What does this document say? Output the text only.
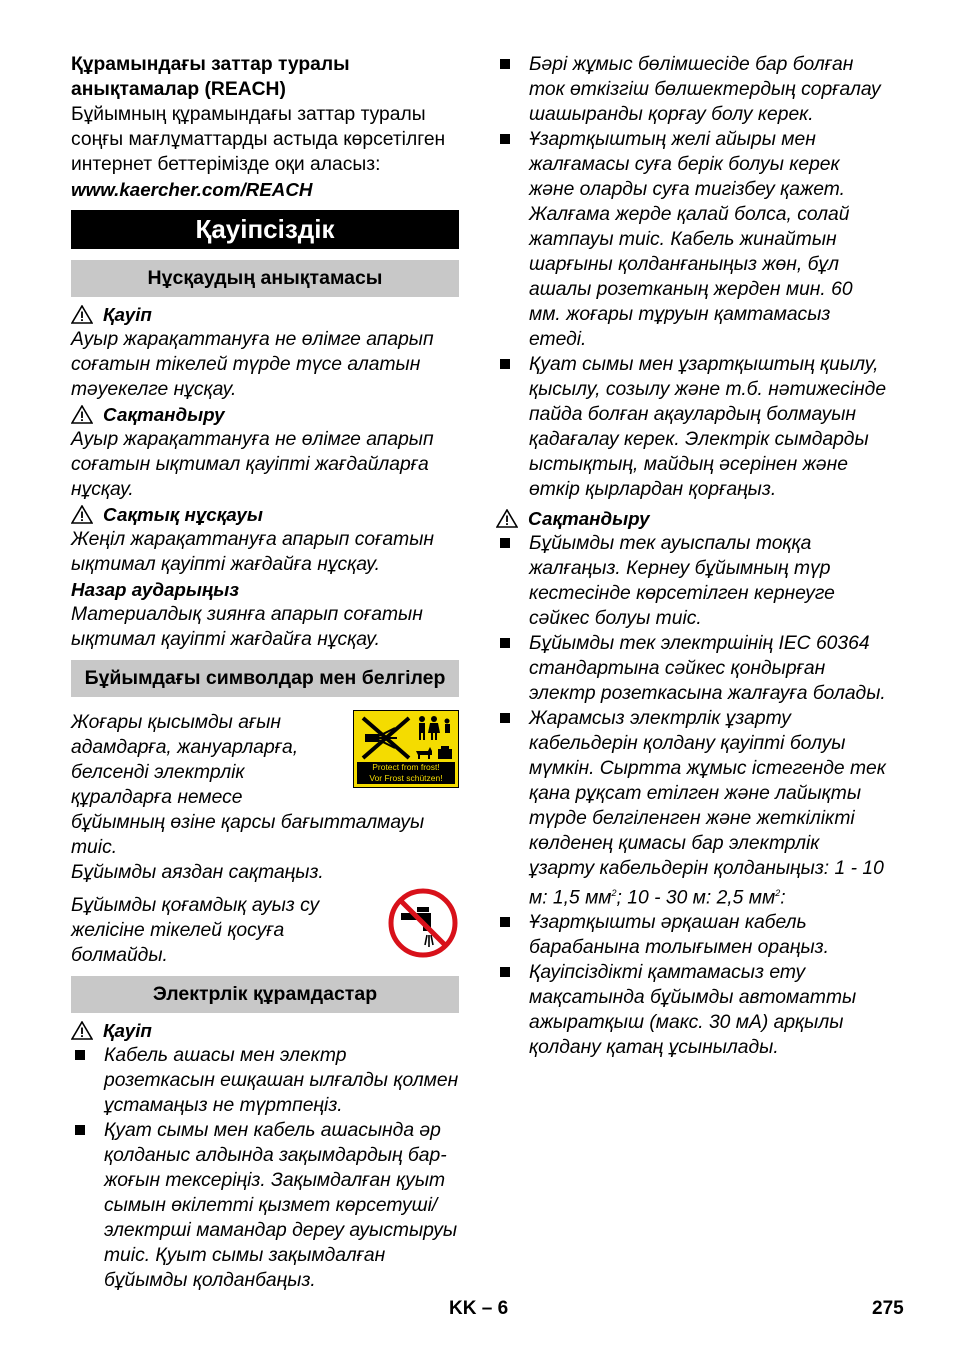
Құрамындағы заттар туралы анықтамалар (REACH)

Бұйымның құрамындағы заттар туралы соңғы мағлұматтарды астыда көрсетілген интернет беттерімізде оқи аласыз:

www.kaercher.com/REACH

Қауіпсіздік
Нұсқаудың анықтамасы
Қауіп

Ауыр жарақаттануға не өлімге апарып соғатын тікелей түрде түсе алатын тәуекелге нұсқау.

Сақтандыру

Ауыр жарақаттануға не өлімге апарып соғатын ықтимал қауіпті жағдайларға нұсқау.

Сақтық нұсқауы

Жеңіл жарақаттануға апарып соғатын ықтимал қауіпті жағдайға нұсқау.

Назар аударыңыз

Материалдық зиянға апарып соғатын ықтимал қауіпті жағдайға нұсқау.

Бұйымдағы символдар мен белгілер
Protect from frost!
Vor Frost schützen!

Жоғары қысымды ағын адамдарға, жануарларға, белсенді электрлік құралдарға немесе бұйымның өзіне қарсы бағытталмауы тиіс.

Бұйымды аяздан сақтаңыз.

Бұйымды қоғамдық ауыз су желісіне тікелей қосуға болмайды.

Электрлік құрамдастар
Қауіп
Кабель ашасы мен электр розеткасын ешқашан ылғалды қолмен ұстамаңыз не түртпеңіз.
Қуат сымы мен кабель ашасында әр қолданыс алдында зақымдардың бар-жоғын тексеріңіз. Зақымдалған қуыт сымын өкілетті қызмет көрсетуші/электрші мамандар дереу ауыстыруы тиіс. Қуыт сымы зақымдалған бұйымды қолданбаңыз.
Бәрі жұмыс бөлімшесіде бар болған ток өткізгіш бөлшектердың сорғалау шашыранды қорғау болу керек.
Ұзартқыштың желі айыры мен жалғамасы суға берік болуы керек және оларды суға тигізбеу қажет. Жалғама жерде қалай болса, солай жатпауы тиіс. Кабель жинайтын шарғыны қолданғаныңыз жөн, бұл ашалы розетканың жерден мин. 60 мм. жоғары тұруын қамтамасыз етеді.
Қуат сымы мен ұзартқыштың қиылу, қысылу, созылу және т.б. нәтижесінде пайда болған ақаулардың болмауын қадағалау керек. Электрік сымдарды ыстықтың, майдың әсерінен және өткір қырлардан қорғаңыз.
Сақтандыру
Бұйымды тек ауыспалы тоққа жалғаңыз. Кернеу бұйымның түр кестесінде көрсетілген кернеуге сәйкес болуы тиіс.
Бұйымды тек электршінің IEC 60364 стандартына сәйкес қондырған электр розеткасына жалғауға болады.
Жарамсыз электрлік ұзарту кабельдерін қолдану қауіпті болуы мүмкін. Сыртта жұмыс істегенде тек қана рұқсат етілген және лайықты түрде белгіленген және жеткілікті көлденең қимасы бар электрлік ұзарту кабельдерін қолданыңыз: 1 - 10 м: 1,5 $мм^2$; 10 - 30 м: 2,5 $мм^2$:
Ұзартқышты әрқашан кабель барабанына толығымен ораңыз.
Қауіпсіздікті қамтамасыз ету мақсатында бұйымды автоматты ажыратқыш (макс. 30 мА) арқылы қолдану қатаң ұсынылады.
KK – 6	275
